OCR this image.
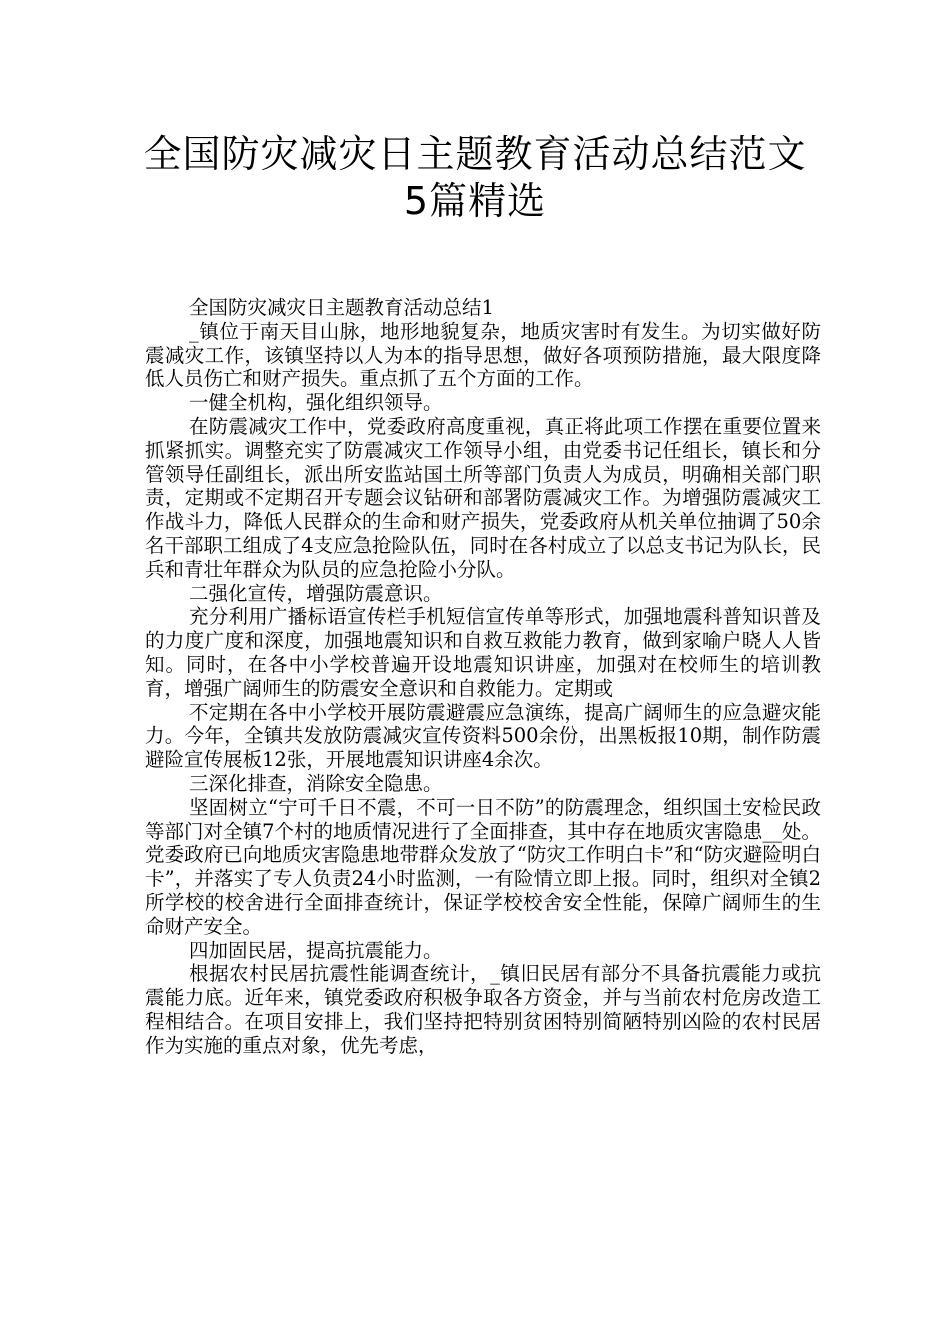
全国防灾减灾日主题教育活动总结范文
5篇精选

全国防灾减灾日主题教育活动总结1

_镇位于南天目山脉，地形地貌复杂，地质灾害时有发生。为切实做好防震减灾工作，该镇坚持以人为本的指导思想，做好各项预防措施，最大限度降低人员伤亡和财产损失。重点抓了五个方面的工作。

一健全机构，强化组织领导。

在防震减灾工作中，党委政府高度重视，真正将此项工作摆在重要位置来抓紧抓实。调整充实了防震减灾工作领导小组，由党委书记任组长，镇长和分管领导任副组长，派出所安监站国土所等部门负责人为成员，明确相关部门职责，定期或不定期召开专题会议钻研和部署防震减灾工作。为增强防震减灾工作战斗力，降低人民群众的生命和财产损失，党委政府从机关单位抽调了50余名干部职工组成了4支应急抢险队伍，同时在各村成立了以总支书记为队长，民兵和青壮年群众为队员的应急抢险小分队。

二强化宣传，增强防震意识。

充分利用广播标语宣传栏手机短信宣传单等形式，加强地震科普知识普及的力度广度和深度，加强地震知识和自救互救能力教育，做到家喻户晓人人皆知。同时，在各中小学校普遍开设地震知识讲座，加强对在校师生的培训教育，增强广阔师生的防震安全意识和自救能力。定期或

不定期在各中小学校开展防震避震应急演练，提高广阔师生的应急避灾能力。今年，全镇共发放防震减灾宣传资料500余份，出黑板报10期，制作防震避险宣传展板12张，开展地震知识讲座4余次。

三深化排查，消除安全隐患。

坚固树立“宁可千日不震，不可一日不防”的防震理念，组织国土安检民政等部门对全镇7个村的地质情况进行了全面排查，其中存在地质灾害隐患__处。党委政府已向地质灾害隐患地带群众发放了“防灾工作明白卡”和“防灾避险明白卡”，并落实了专人负责24小时监测，一有险情立即上报。同时，组织对全镇2所学校的校舍进行全面排查统计，保证学校校舍安全性能，保障广阔师生的生命财产安全。

四加固民居，提高抗震能力。

根据农村民居抗震性能调查统计，_镇旧民居有部分不具备抗震能力或抗震能力底。近年来，镇党委政府积极争取各方资金，并与当前农村危房改造工程相结合。在项目安排上，我们坚持把特别贫困特别简陋特别凶险的农村民居作为实施的重点对象，优先考虑，
